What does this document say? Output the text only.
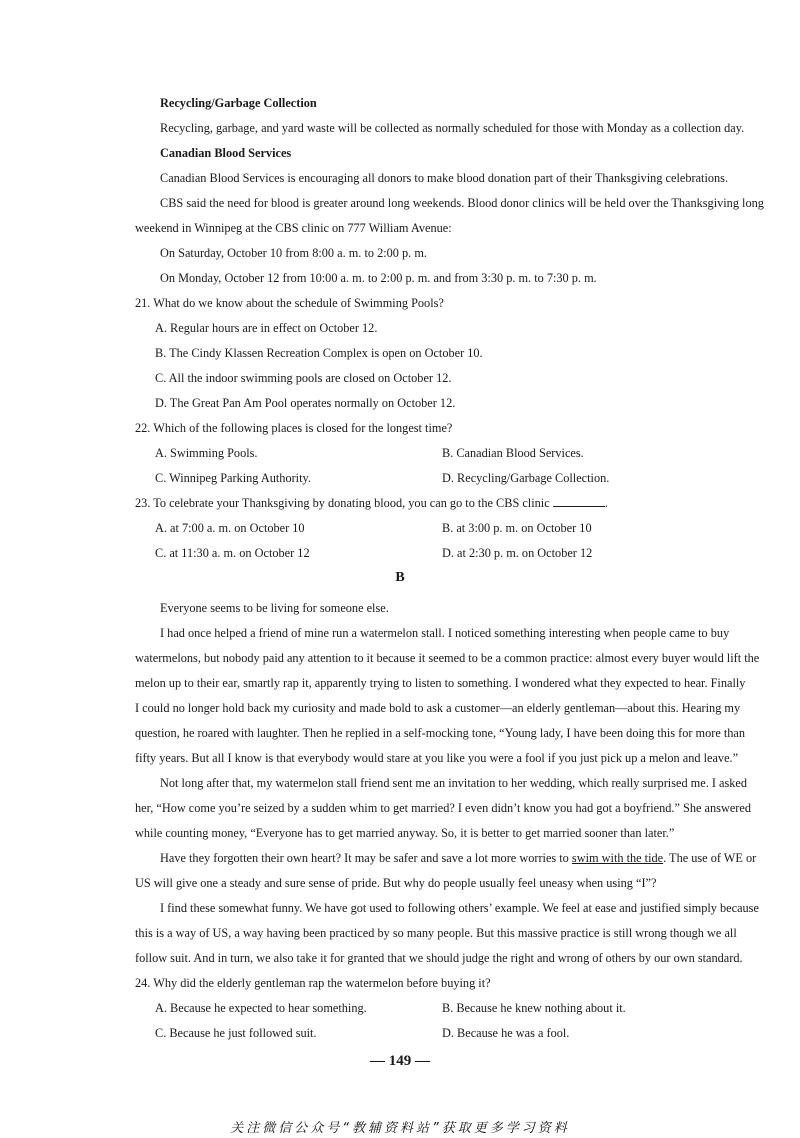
Recycling/Garbage Collection
Recycling, garbage, and yard waste will be collected as normally scheduled for those with Monday as a collection day.
Canadian Blood Services
Canadian Blood Services is encouraging all donors to make blood donation part of their Thanksgiving celebrations.
CBS said the need for blood is greater around long weekends. Blood donor clinics will be held over the Thanksgiving long
weekend in Winnipeg at the CBS clinic on 777 William Avenue:
On Saturday, October 10 from 8:00 a. m. to 2:00 p. m.
On Monday, October 12 from 10:00 a. m. to 2:00 p. m. and from 3:30 p. m. to 7:30 p. m.
21. What do we know about the schedule of Swimming Pools?
A. Regular hours are in effect on October 12.
B. The Cindy Klassen Recreation Complex is open on October 10.
C. All the indoor swimming pools are closed on October 12.
D. The Great Pan Am Pool operates normally on October 12.
22. Which of the following places is closed for the longest time?
A. Swimming Pools.	B. Canadian Blood Services.
C. Winnipeg Parking Authority.	D. Recycling/Garbage Collection.
23. To celebrate your Thanksgiving by donating blood, you can go to the CBS clinic	.
A. at 7:00 a. m. on October 10	B. at 3:00 p. m. on October 10
C. at 11:30 a. m. on October 12	D. at 2:30 p. m. on October 12
B
Everyone seems to be living for someone else.
I had once helped a friend of mine run a watermelon stall. I noticed something interesting when people came to buy
watermelons, but nobody paid any attention to it because it seemed to be a common practice: almost every buyer would lift the
melon up to their ear, smartly rap it, apparently trying to listen to something. I wondered what they expected to hear. Finally
I could no longer hold back my curiosity and made bold to ask a customer—an elderly gentleman—about this. Hearing my
question, he roared with laughter. Then he replied in a self-mocking tone, “Young lady, I have been doing this for more than
fifty years. But all I know is that everybody would stare at you like you were a fool if you just pick up a melon and leave.”
Not long after that, my watermelon stall friend sent me an invitation to her wedding, which really surprised me. I asked
her, “How come you’re seized by a sudden whim to get married? I even didn’t know you had got a boyfriend.” She answered
while counting money, “Everyone has to get married anyway. So, it is better to get married sooner than later.”
Have they forgotten their own heart? It may be safer and save a lot more worries to swim with the tide. The use of WE or
US will give one a steady and sure sense of pride. But why do people usually feel uneasy when using “I”?
I find these somewhat funny. We have got used to following others’ example. We feel at ease and justified simply because
this is a way of US, a way having been practiced by so many people. But this massive practice is still wrong though we all
follow suit. And in turn, we also take it for granted that we should judge the right and wrong of others by our own standard.
24. Why did the elderly gentleman rap the watermelon before buying it?
A. Because he expected to hear something.	B. Because he knew nothing about it.
C. Because he just followed suit.	D. Because he was a fool.
— 149 —
关注微信公众号“教辅资料站”获取更多学习资料
